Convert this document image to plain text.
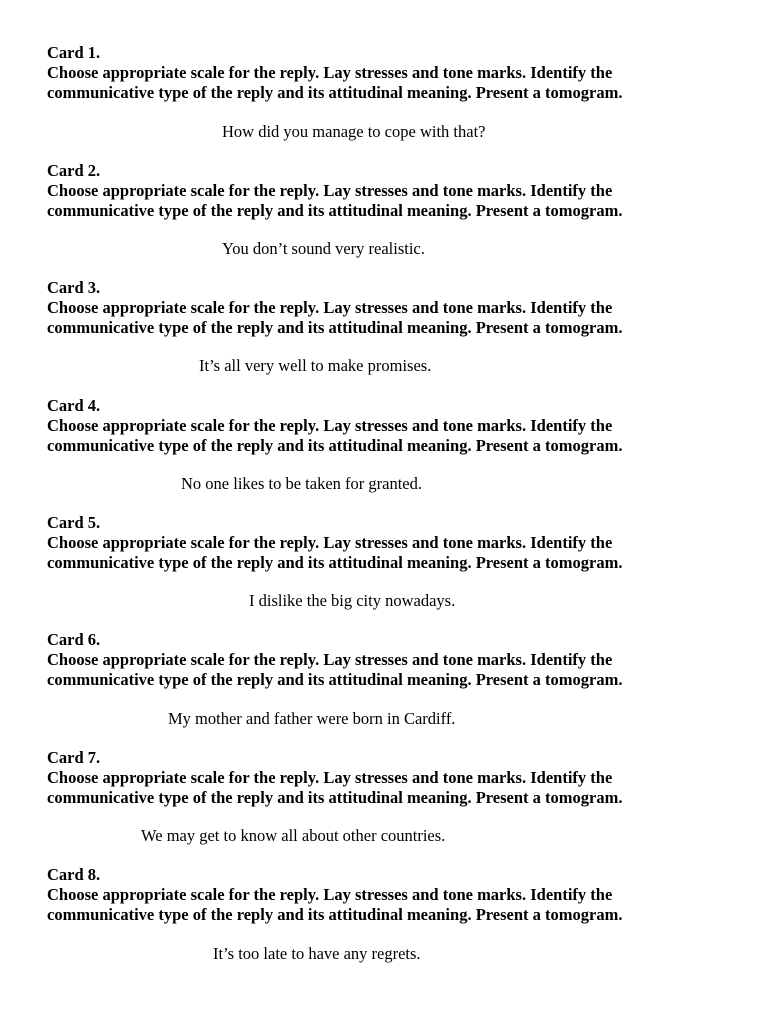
Card 1.

Choose appropriate scale for the reply. Lay stresses and tone marks. Identify the
communicative type of the reply and its attitudinal meaning. Present a tomogram.

How did you manage to cope with that?

Card 2.

Choose appropriate scale for the reply. Lay stresses and tone marks. Identify the
communicative type of the reply and its attitudinal meaning. Present a tomogram.

You don’t sound very realistic.

Card 3.

Choose appropriate scale for the reply. Lay stresses and tone marks. Identify the
communicative type of the reply and its attitudinal meaning. Present a tomogram.

It’s all very well to make promises.

Card 4.

Choose appropriate scale for the reply. Lay stresses and tone marks. Identify the
communicative type of the reply and its attitudinal meaning. Present a tomogram.

No one likes to be taken for granted.

Card 5.

Choose appropriate scale for the reply. Lay stresses and tone marks. Identify the
communicative type of the reply and its attitudinal meaning. Present a tomogram.

I dislike the big city nowadays.

Card 6.

Choose appropriate scale for the reply. Lay stresses and tone marks. Identify the
communicative type of the reply and its attitudinal meaning. Present a tomogram.

My mother and father were born in Cardiff.

Card 7.

Choose appropriate scale for the reply. Lay stresses and tone marks. Identify the
communicative type of the reply and its attitudinal meaning. Present a tomogram.

We may get to know all about other countries.

Card 8.

Choose appropriate scale for the reply. Lay stresses and tone marks. Identify the
communicative type of the reply and its attitudinal meaning. Present a tomogram.

It’s too late to have any regrets.
